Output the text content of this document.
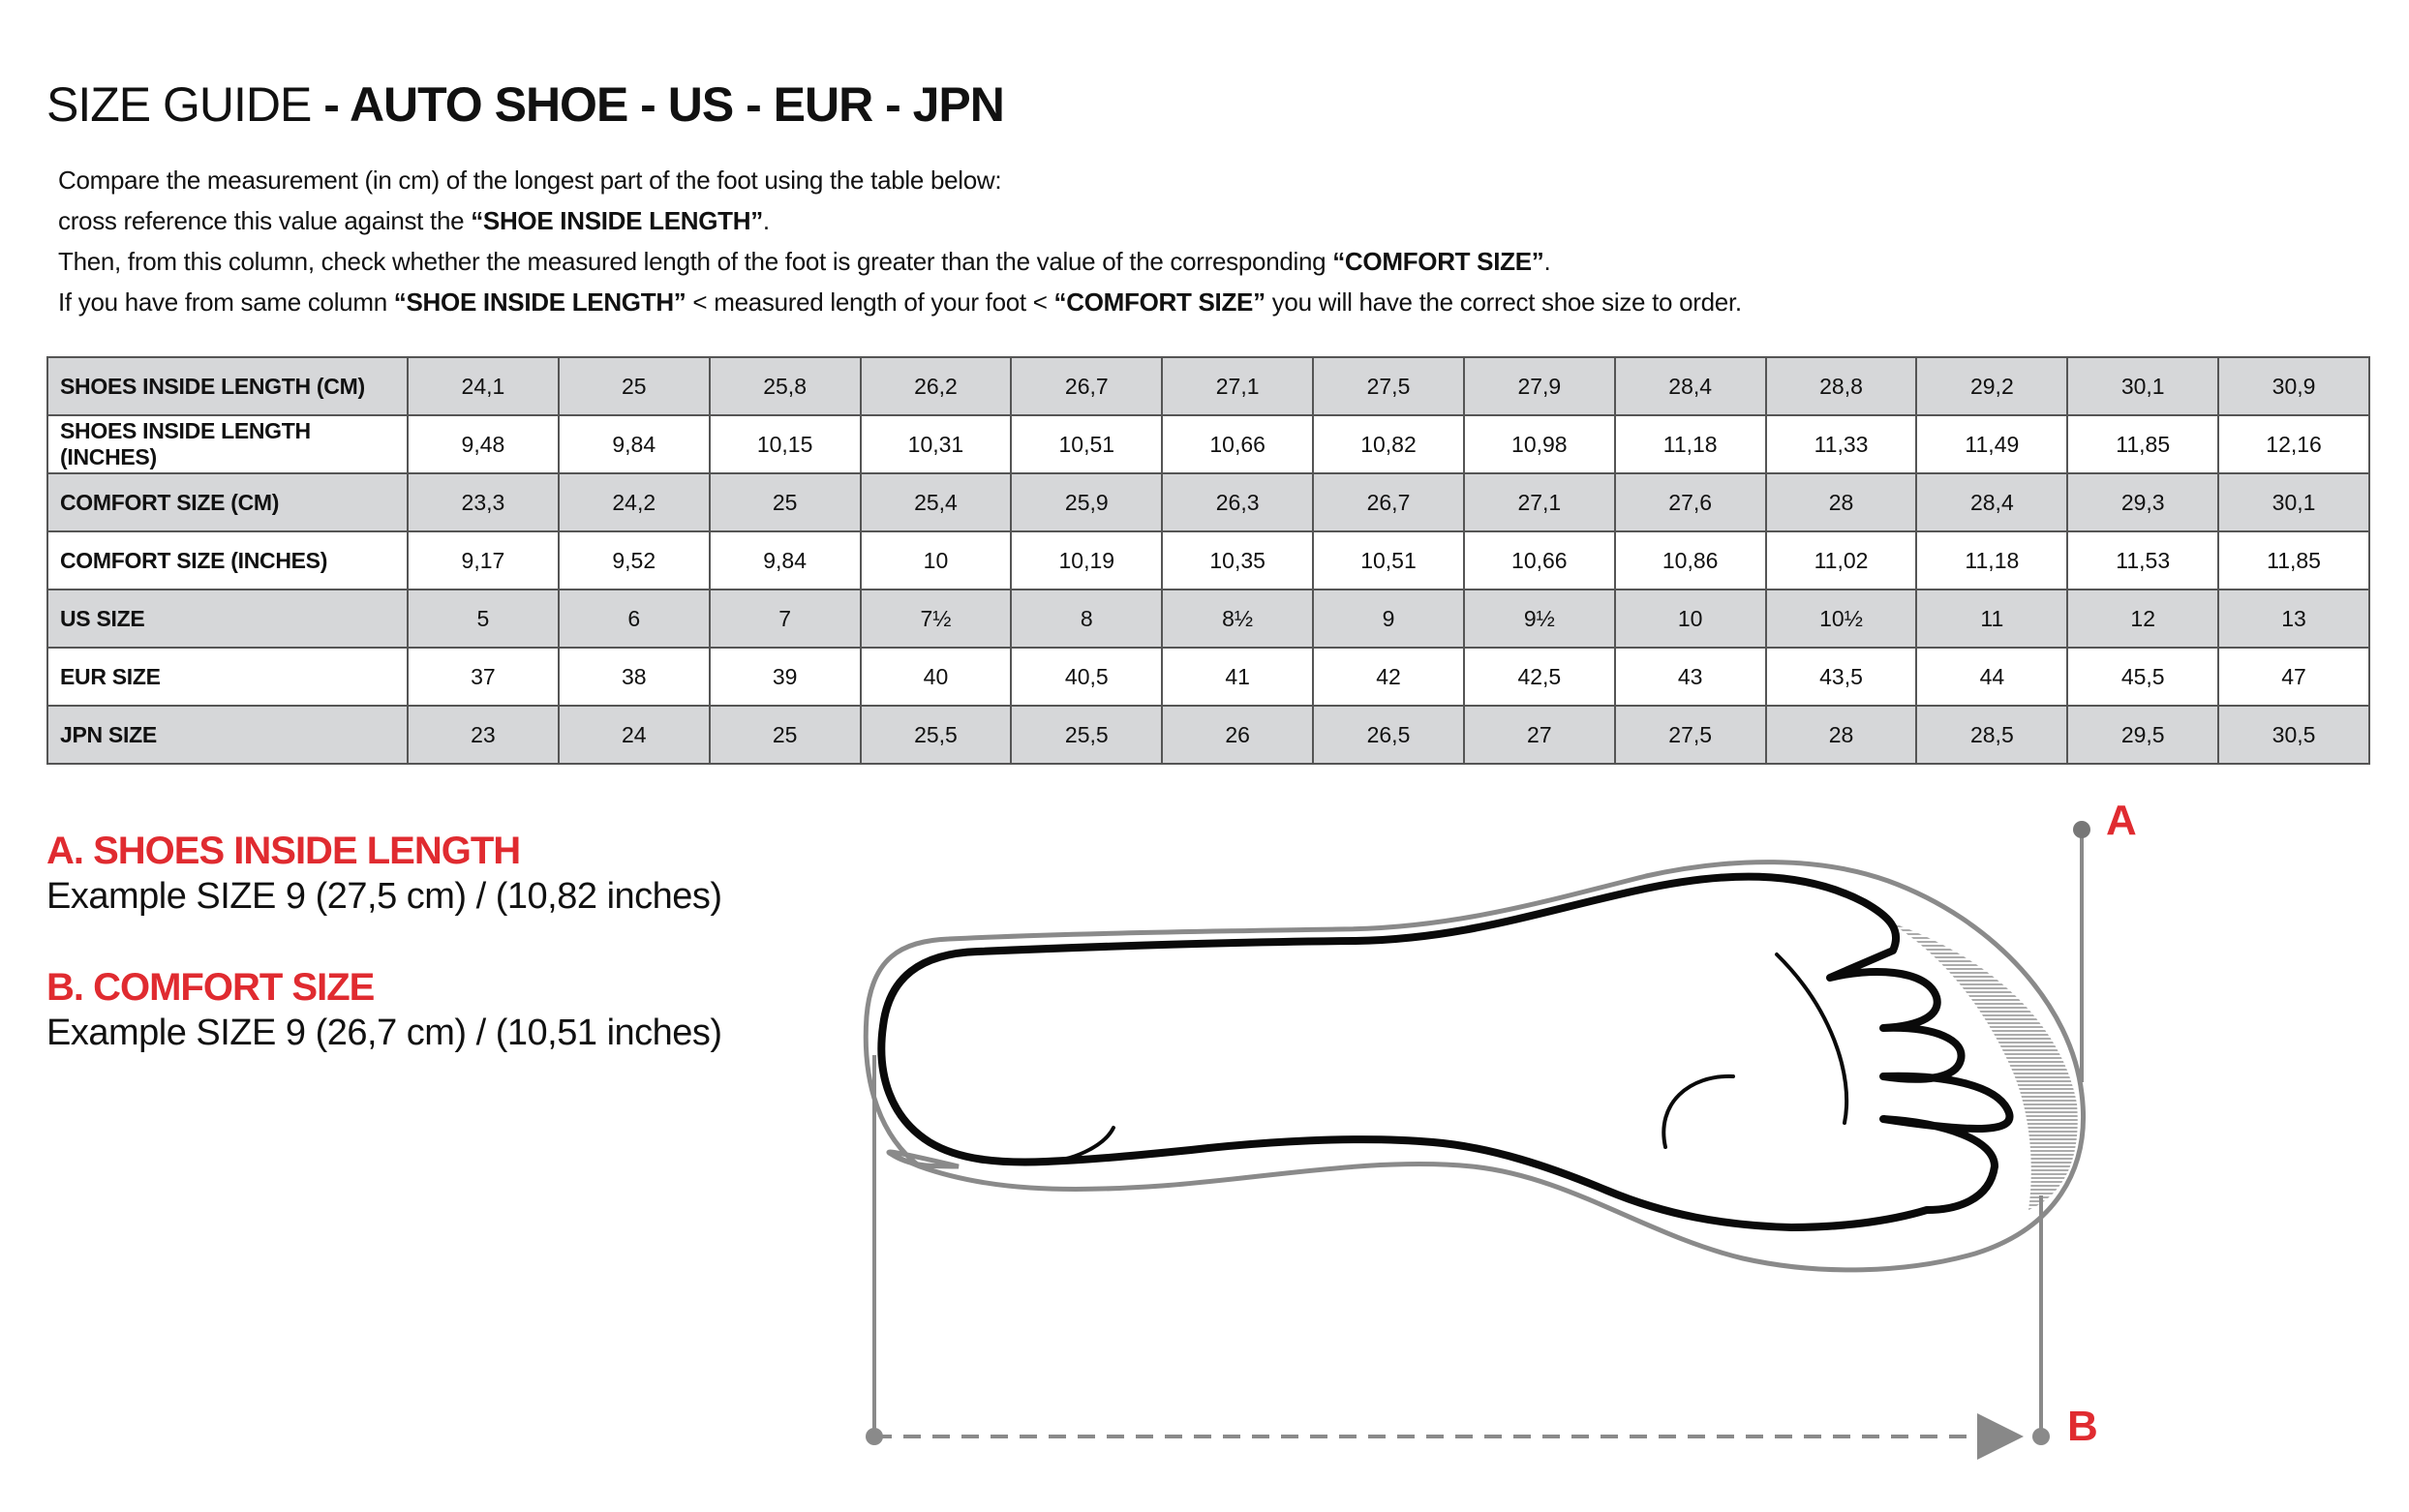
SIZE GUIDE - AUTO SHOE - US - EUR - JPN

Compare the measurement (in cm) of the longest part of the foot using the table below:

cross reference this value against the “SHOE INSIDE LENGTH”.

Then, from this column, check whether the measured length of the foot is greater than the value of the corresponding “COMFORT SIZE”.

If you have from same column “SHOE INSIDE LENGTH” < measured length of your foot < “COMFORT SIZE” you will have the correct shoe size to order.

SHOES INSIDE LENGTH (CM)	24,1	25	25,8	26,2	26,7	27,1	27,5	27,9	28,4	28,8	29,2	30,1	30,9
SHOES INSIDE LENGTH (INCHES)	9,48	9,84	10,15	10,31	10,51	10,66	10,82	10,98	11,18	11,33	11,49	11,85	12,16
COMFORT SIZE (CM)	23,3	24,2	25	25,4	25,9	26,3	26,7	27,1	27,6	28	28,4	29,3	30,1
COMFORT SIZE (INCHES)	9,17	9,52	9,84	10	10,19	10,35	10,51	10,66	10,86	11,02	11,18	11,53	11,85
US SIZE	5	6	7	7½	8	8½	9	9½	10	10½	11	12	13
EUR SIZE	37	38	39	40	40,5	41	42	42,5	43	43,5	44	45,5	47
JPN SIZE	23	24	25	25,5	25,5	26	26,5	27	27,5	28	28,5	29,5	30,5
A. SHOES INSIDE LENGTH
Example SIZE 9 (27,5 cm) / (10,82 inches)
B. COMFORT SIZE
Example SIZE 9 (26,7 cm) / (10,51 inches)
A
B
